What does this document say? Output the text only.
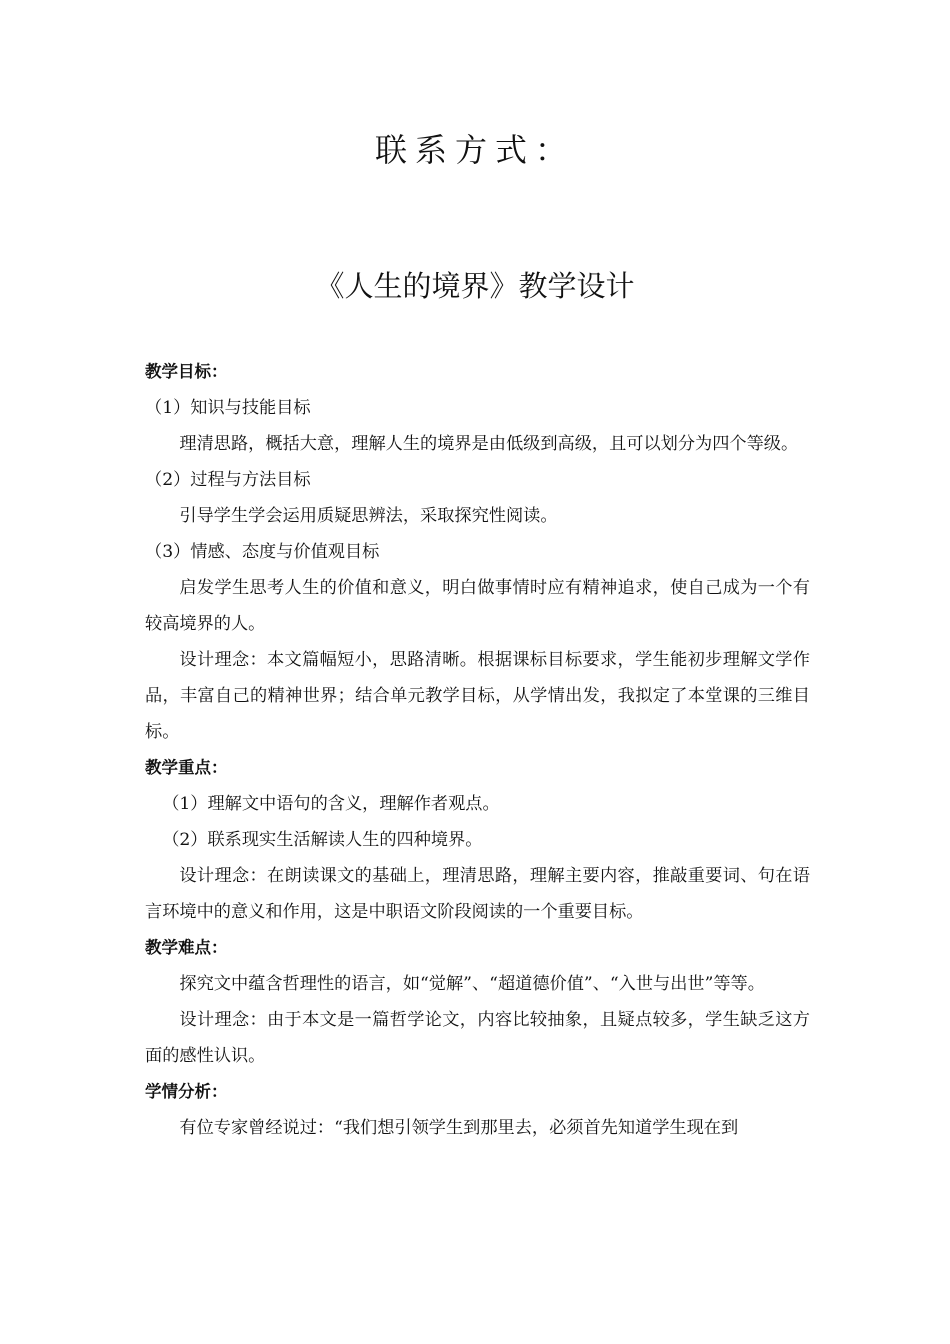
联系方式：
《人生的境界》教学设计

教学目标：

（1）知识与技能目标

理清思路，概括大意，理解人生的境界是由低级到高级，且可以划分为四个等级。

（2）过程与方法目标

引导学生学会运用质疑思辨法，采取探究性阅读。

（3）情感、态度与价值观目标

启发学生思考人生的价值和意义，明白做事情时应有精神追求，使自己成为一个有较高境界的人。

设计理念：本文篇幅短小，思路清晰。根据课标目标要求，学生能初步理解文学作品，丰富自己的精神世界；结合单元教学目标，从学情出发，我拟定了本堂课的三维目标。

教学重点：

（1）理解文中语句的含义，理解作者观点。

（2）联系现实生活解读人生的四种境界。

设计理念：在朗读课文的基础上，理清思路，理解主要内容，推敲重要词、句在语言环境中的意义和作用，这是中职语文阶段阅读的一个重要目标。

教学难点：

探究文中蕴含哲理性的语言，如“觉解”、“超道德价值”、“入世与出世”等等。

设计理念：由于本文是一篇哲学论文，内容比较抽象，且疑点较多，学生缺乏这方面的感性认识。

学情分析：

有位专家曾经说过：“我们想引领学生到那里去，必须首先知道学生现在到
